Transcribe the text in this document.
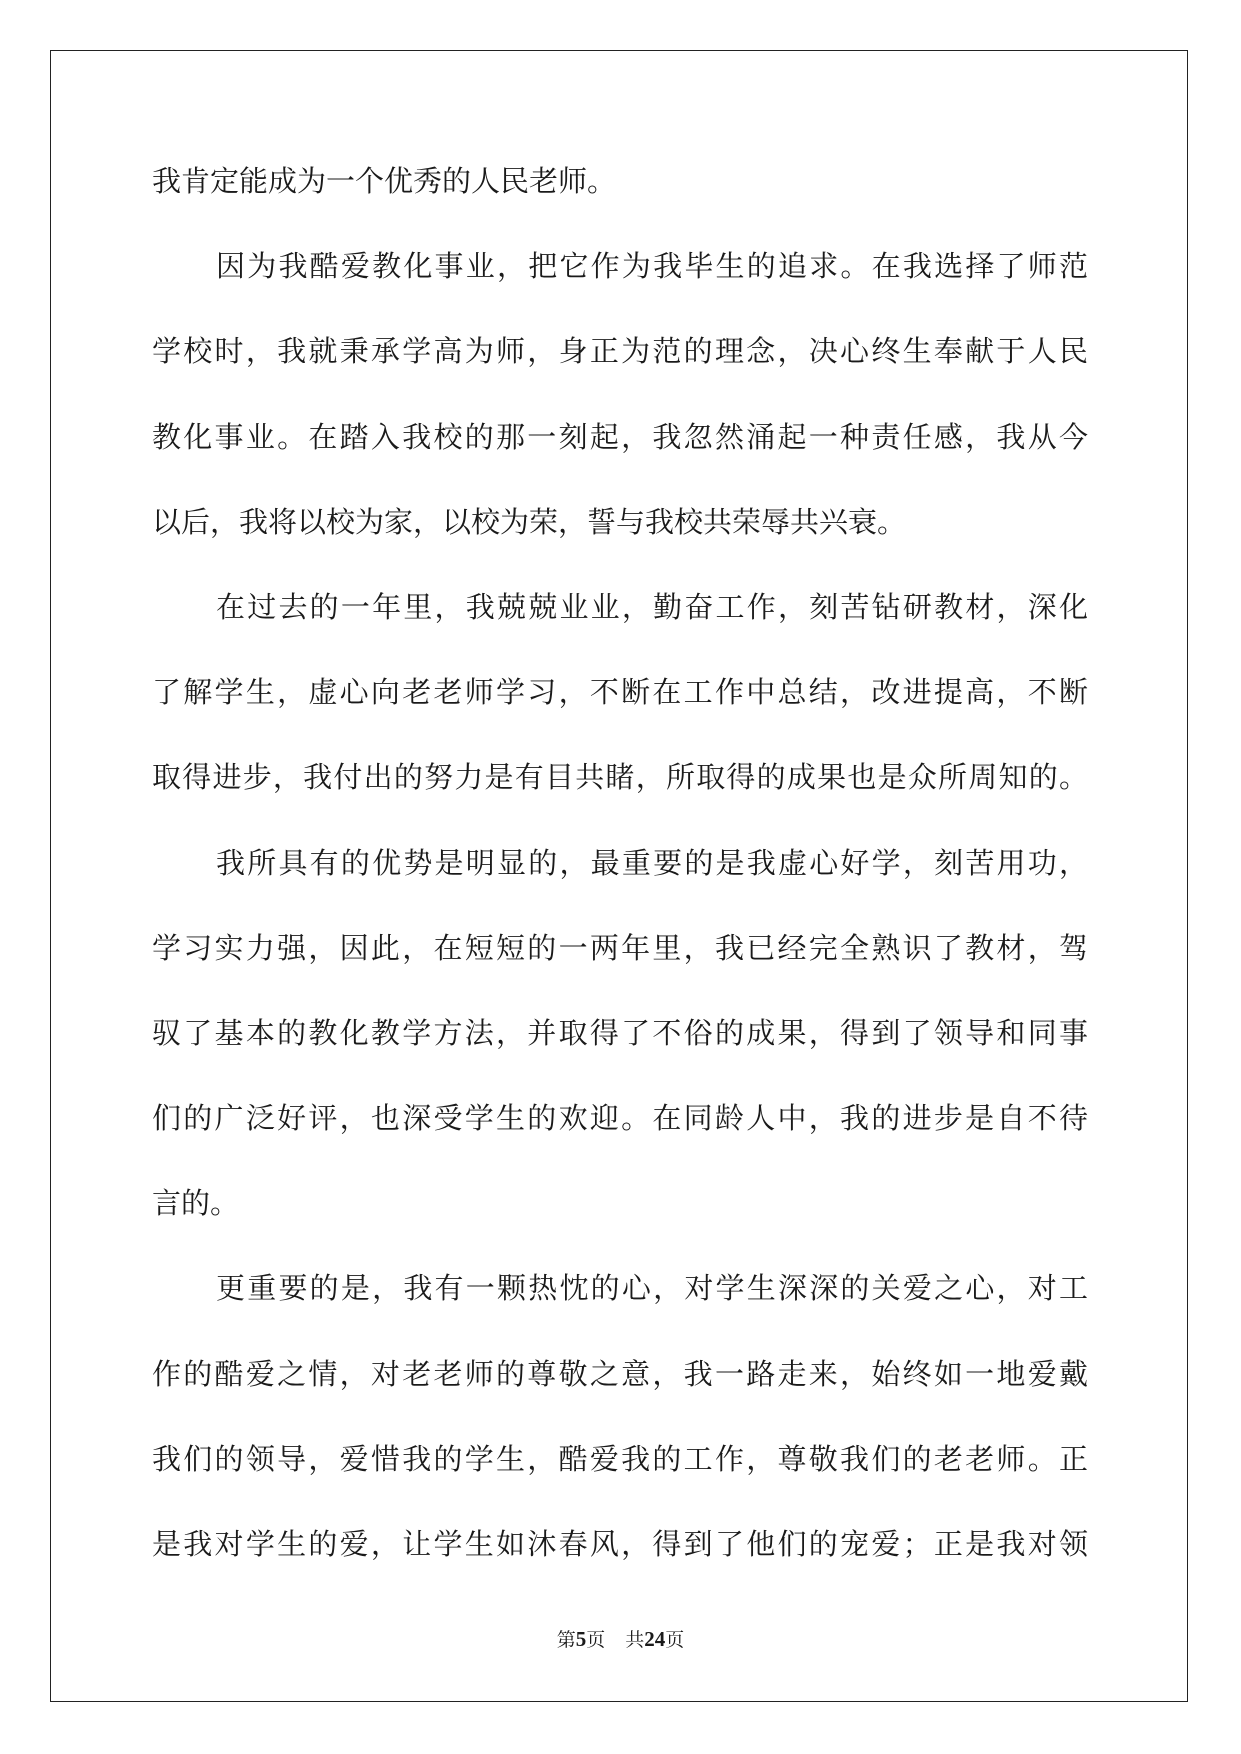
我肯定能成为一个优秀的人民老师。
因为我酷爱教化事业，把它作为我毕生的追求。在我选择了师范
学校时，我就秉承学高为师，身正为范的理念，决心终生奉献于人民
教化事业。在踏入我校的那一刻起，我忽然涌起一种责任感，我从今
以后，我将以校为家，以校为荣，誓与我校共荣辱共兴衰。
在过去的一年里，我兢兢业业，勤奋工作，刻苦钻研教材，深化
了解学生，虚心向老老师学习，不断在工作中总结，改进提高，不断
取得进步，我付出的努力是有目共睹，所取得的成果也是众所周知的。
我所具有的优势是明显的，最重要的是我虚心好学，刻苦用功，
学习实力强，因此，在短短的一两年里，我已经完全熟识了教材，驾
驭了基本的教化教学方法，并取得了不俗的成果，得到了领导和同事
们的广泛好评，也深受学生的欢迎。在同龄人中，我的进步是自不待
言的。
更重要的是，我有一颗热忱的心，对学生深深的关爱之心，对工
作的酷爱之情，对老老师的尊敬之意，我一路走来，始终如一地爱戴
我们的领导，爱惜我的学生，酷爱我的工作，尊敬我们的老老师。正
是我对学生的爱，让学生如沐春风，得到了他们的宠爱；正是我对领
第5页 共24页
